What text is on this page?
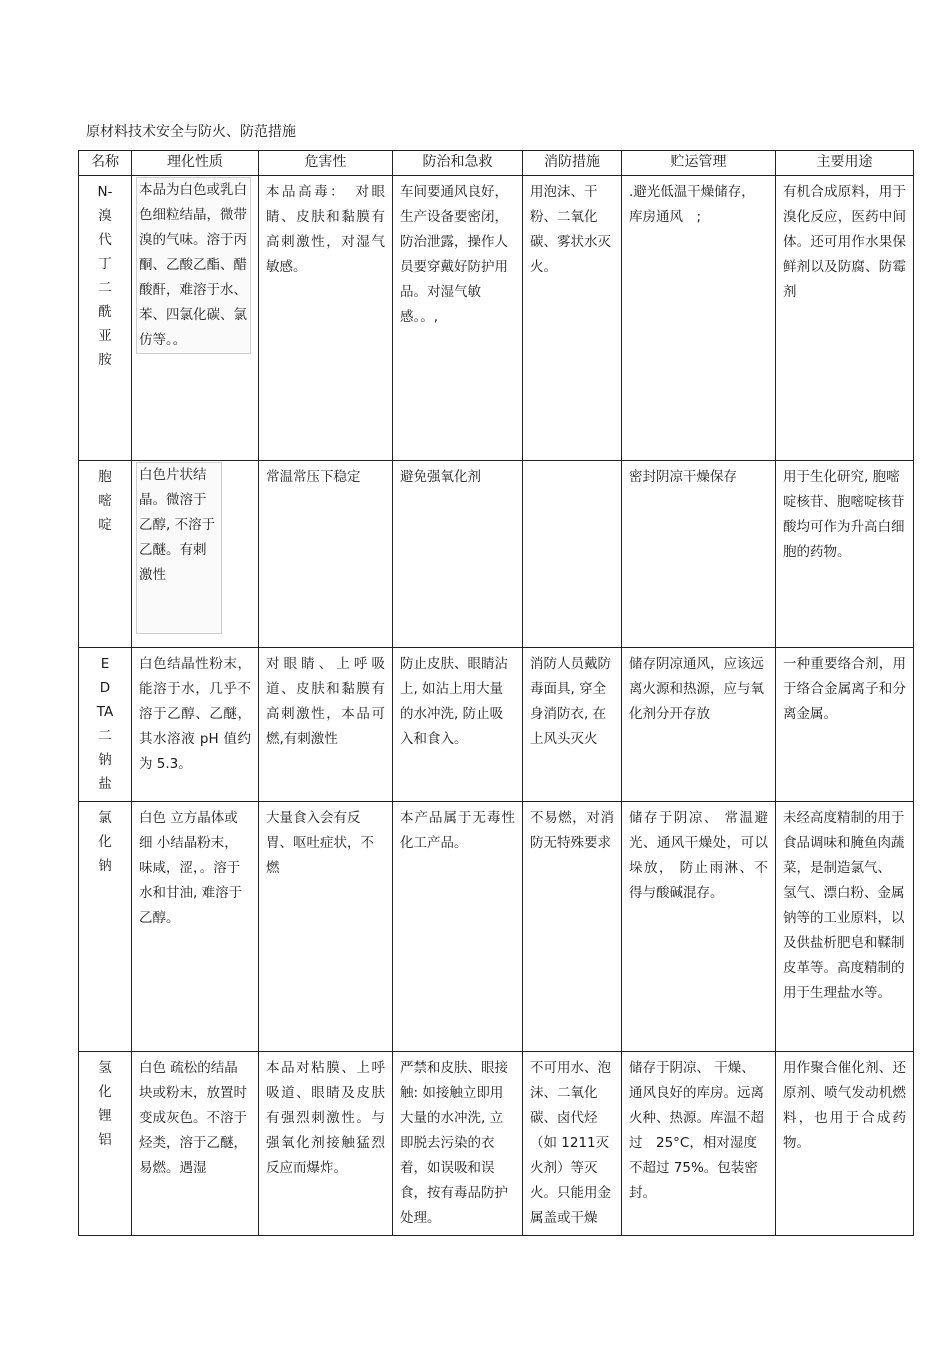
原材料技术安全与防火、防范措施
名称	理化性质	危害性	防治和急救	消防措施	贮运管理	主要用途
N-溴代丁二酰亚胺	本品为白色或乳白色细粒结晶，微带溴的气味。溶于丙酮、乙酸乙酯、醋酸酐，难溶于水、苯、四氯化碳、氯仿等。。	本品高毒：　对眼睛、皮肤和黏膜有高刺激性，对湿气敏感。	车间要通风良好，生产设备要密闭，防治泄露，操作人员要穿戴好防护用品。对湿气敏感。。,	用泡沫、干粉、二氧化碳、雾状水灭火。	.避光低温干燥储存，库房通风　;	有机合成原料，用于溴化反应，医药中间体。还可用作水果保鲜剂以及防腐、防霉剂
胞嘧啶	白色片状结晶。微溶于乙醇, 不溶于乙醚。有刺激性	常温常压下稳定	避免强氧化剂		密封阴凉干燥保存	用于生化研究, 胞嘧啶核苷、胞嘧啶核苷酸均可作为升高白细胞的药物。
EDTA二钠盐	白色结晶性粉末，能溶于水，几乎不溶于乙醇、乙醚，其水溶液 pH 值约为 5.3。	对眼睛、上呼吸道、皮肤和黏膜有高刺激性，本品可燃,有刺激性	防止皮肤、眼睛沾上, 如沾上用大量的水冲洗, 防止吸入和食入。	消防人员戴防毒面具, 穿全身消防衣, 在上风头灭火	储存阴凉通风，应该远离火源和热源，应与氧化剂分开存放	一种重要络合剂，用于络合金属离子和分离金属。
氯化钠	白色 立方晶体或细 小结晶粉末，味咸，涩，。溶于水和甘油, 难溶于乙醇。	大量食入会有反胃、呕吐症状，不燃	本产品属于无毒性化工产品。	不易燃，对消防无特殊要求	储存于阴凉、 常温避光、通风干燥处，可以垛放， 防止雨淋、不得与酸碱混存。	未经高度精制的用于食品调味和腌鱼肉蔬菜，是制造氯气、 氢气、漂白粉、金属钠等的工业原料，以及供盐析肥皂和鞣制皮革等。高度精制的用于生理盐水等。
氢化锂铝	白色 疏松的结晶块或粉末，放置时变成灰色。不溶于烃类，溶于乙醚，易燃。遇湿	本品对粘膜、上呼吸道、眼睛及皮肤有强烈刺激性。与强氧化剂接触猛烈反应而爆炸。	严禁和皮肤、眼接触: 如接触立即用大量的水冲洗, 立即脱去污染的衣着，如误吸和误食，按有毒品防护处理。	不可用水、泡沫、二氧化碳、卤代烃（如 1211灭火剂）等灭火。只能用金属盖或干燥	储存于阴凉、 干燥、通风良好的库房。远离火种、热源。库温不超过　25°C，相对湿度不超过 75%。包装密封。	用作聚合催化剂、还原剂、喷气发动机燃料，也用于合成药物。
